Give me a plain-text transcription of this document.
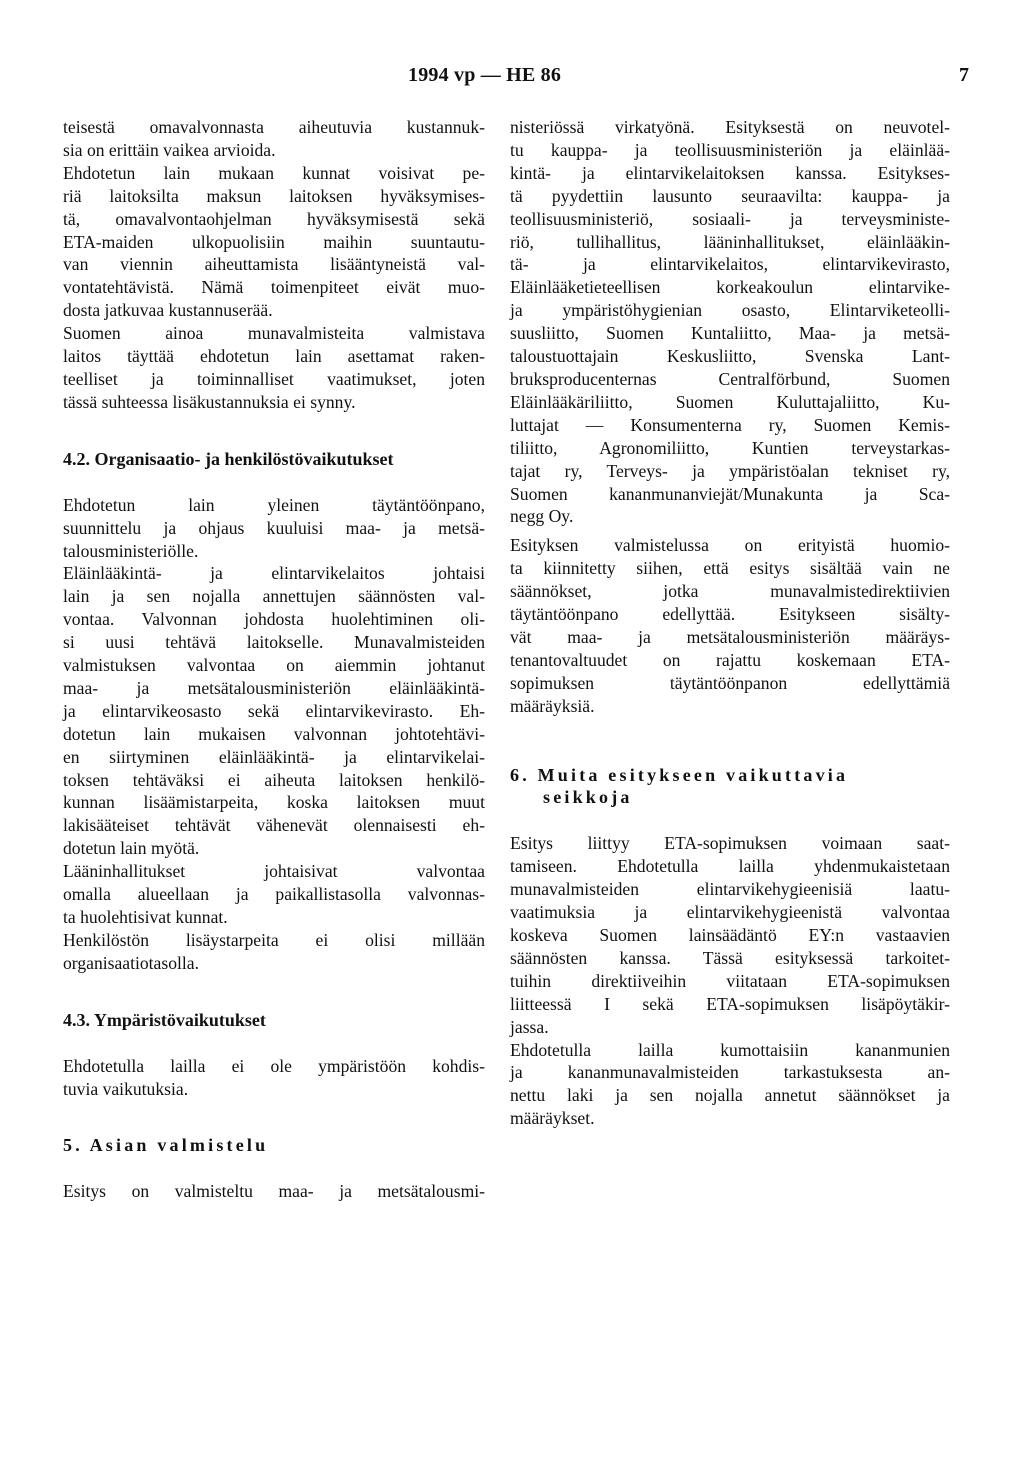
1994 vp — HE 86	7

teisestä omavalvonnasta aiheutuvia kustannuk-
sia on erittäin vaikea arvioida.

Ehdotetun lain mukaan kunnat voisivat pe-
riä laitoksilta maksun laitoksen hyväksymises-
tä, omavalvontaohjelman hyväksymisestä sekä
ETA-maiden ulkopuolisiin maihin suuntautu-
van viennin aiheuttamista lisääntyneistä val-
vontatehtävistä. Nämä toimenpiteet eivät muo-
dosta jatkuvaa kustannuserää.

Suomen ainoa munavalmisteita valmistava
laitos täyttää ehdotetun lain asettamat raken-
teelliset ja toiminnalliset vaatimukset, joten
tässä suhteessa lisäkustannuksia ei synny.

4.2. Organisaatio- ja henkilöstövaikutukset

Ehdotetun lain yleinen täytäntöönpano,
suunnittelu ja ohjaus kuuluisi maa- ja metsä-
talousministeriölle.

Eläinlääkintä- ja elintarvikelaitos johtaisi
lain ja sen nojalla annettujen säännösten val-
vontaa. Valvonnan johdosta huolehtiminen oli-
si uusi tehtävä laitokselle. Munavalmisteiden
valmistuksen valvontaa on aiemmin johtanut
maa- ja metsätalousministeriön eläinlääkintä-
ja elintarvikeosasto sekä elintarvikevirasto. Eh-
dotetun lain mukaisen valvonnan johtotehtävi-
en siirtyminen eläinlääkintä- ja elintarvikelai-
toksen tehtäväksi ei aiheuta laitoksen henkilö-
kunnan lisäämistarpeita, koska laitoksen muut
lakisääteiset tehtävät vähenevät olennaisesti eh-
dotetun lain myötä.

Lääninhallitukset johtaisivat valvontaa
omalla alueellaan ja paikallistasolla valvonnas-
ta huolehtisivat kunnat.

Henkilöstön lisäystarpeita ei olisi millään
organisaatiotasolla.

4.3. Ympäristövaikutukset

Ehdotetulla lailla ei ole ympäristöön kohdis-
tuvia vaikutuksia.

5. Asian valmistelu

Esitys on valmisteltu maa- ja metsätalousmi-

nisteriössä virkatyönä. Esityksestä on neuvotel-
tu kauppa- ja teollisuusministeriön ja eläinlää-
kintä- ja elintarvikelaitoksen kanssa. Esitykses-
tä pyydettiin lausunto seuraavilta: kauppa- ja
teollisuusministeriö, sosiaali- ja terveysministe-
riö, tullihallitus, lääninhallitukset, eläinlääkin-
tä- ja elintarvikelaitos, elintarvikevirasto,
Eläinlääketieteellisen korkeakoulun elintarvike-
ja ympäristöhygienian osasto, Elintarviketeolli-
suusliitto, Suomen Kuntaliitto, Maa- ja metsä-
taloustuottajain Keskusliitto, Svenska Lant-
bruksproducenternas Centralförbund, Suomen
Eläinlääkäriliitto, Suomen Kuluttajaliitto, Ku-
luttajat — Konsumenterna ry, Suomen Kemis-
tiliitto, Agronomiliitto, Kuntien terveystarkas-
tajat ry, Terveys- ja ympäristöalan tekniset ry,
Suomen kananmunanviejät/Munakunta ja Sca-
negg Oy.

Esityksen valmistelussa on erityistä huomio-
ta kiinnitetty siihen, että esitys sisältää vain ne
säännökset, jotka munavalmistedirektiivien
täytäntöönpano edellyttää. Esitykseen sisälty-
vät maa- ja metsätalousministeriön määräys-
tenantovaltuudet on rajattu koskemaan ETA-
sopimuksen täytäntöönpanon edellyttämiä
määräyksiä.

6. Muita esitykseen vaikuttavia
seikkoja

Esitys liittyy ETA-sopimuksen voimaan saat-
tamiseen. Ehdotetulla lailla yhdenmukaistetaan
munavalmisteiden elintarvikehygieenisiä laatu-
vaatimuksia ja elintarvikehygieenistä valvontaa
koskeva Suomen lainsäädäntö EY:n vastaavien
säännösten kanssa. Tässä esityksessä tarkoitet-
tuihin direktiiveihin viitataan ETA-sopimuksen
liitteessä I sekä ETA-sopimuksen lisäpöytäkir-
jassa.

Ehdotetulla lailla kumottaisiin kananmunien
ja kananmunavalmisteiden tarkastuksesta an-
nettu laki ja sen nojalla annetut säännökset ja
määräykset.
